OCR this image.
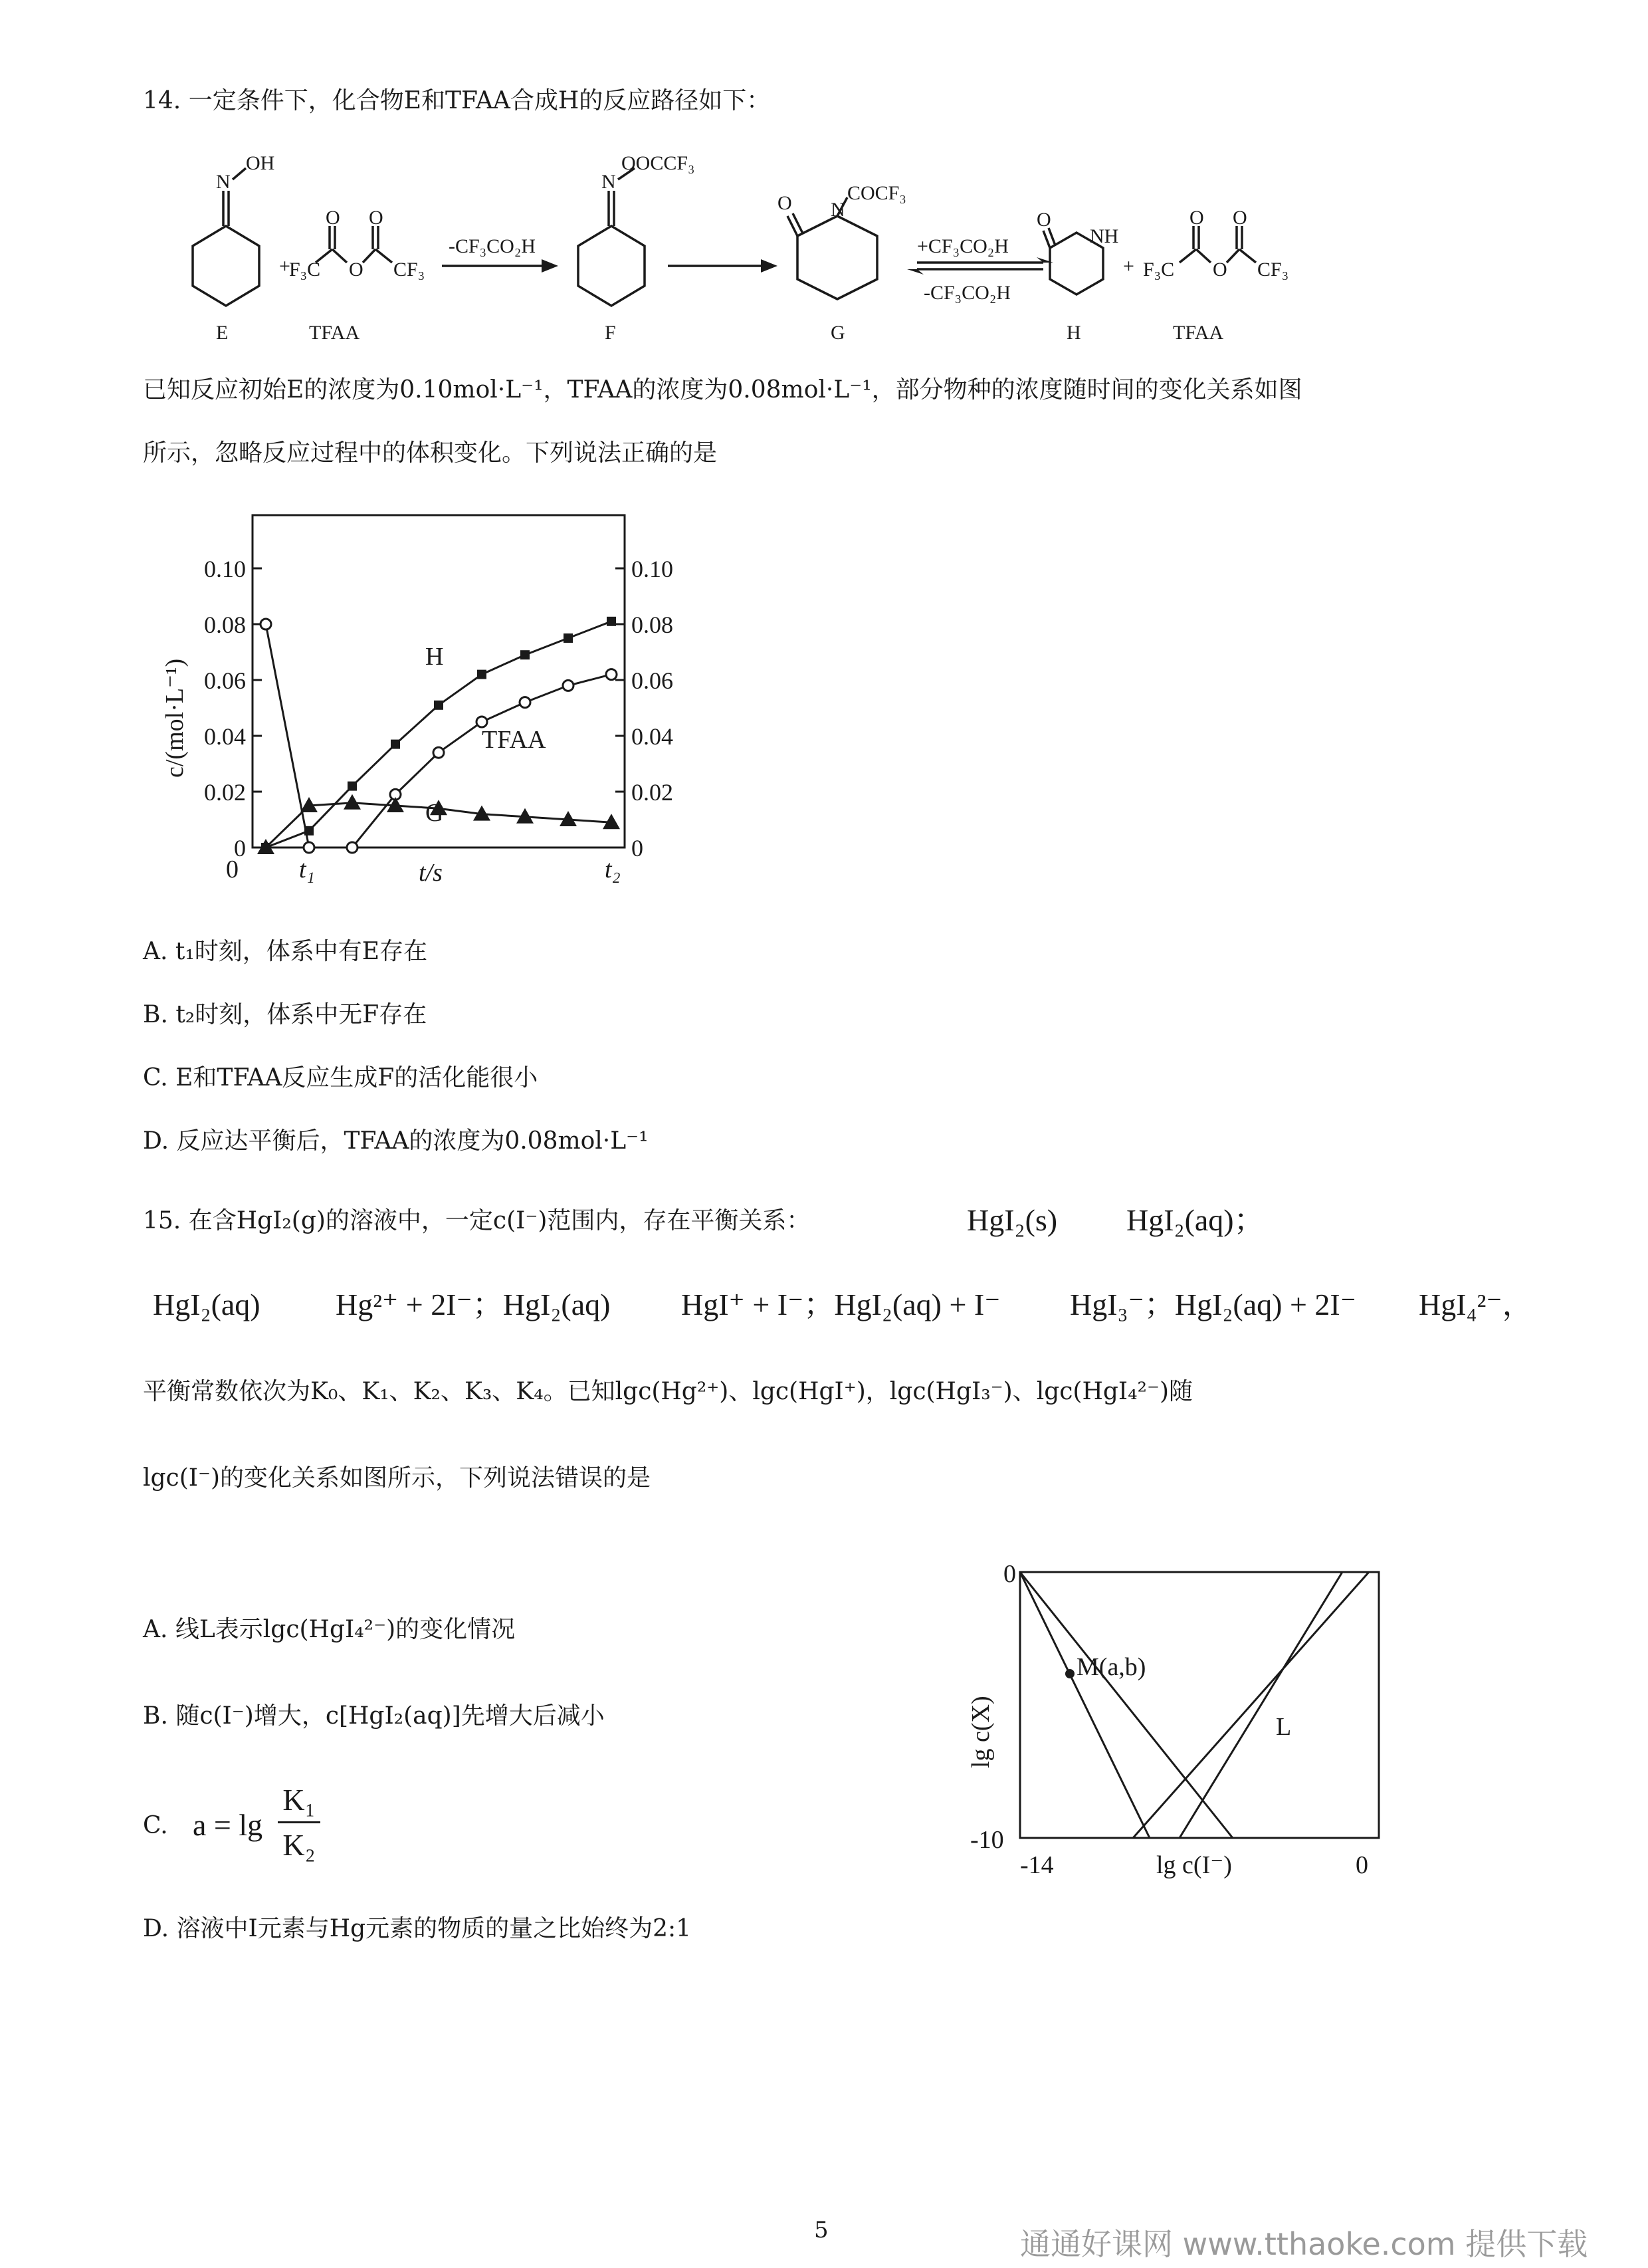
14. 一定条件下，化合物E和TFAA合成H的反应路径如下：
N
OH
E
+
F₃C
O O
O CF₃
TFAA
-CF₃CO₂H
N
OOCCF₃
F
O N
COCF₃
G
+CF₃CO₂H
-CF₃CO₂H
O
NH
H
+ F₃C
O O
O CF₃
TFAA
已知反应初始E的浓度为0.10mol·L⁻¹，TFAA的浓度为0.08mol·L⁻¹，部分物种的浓度随时间的变化关系如图
所示，忽略反应过程中的体积变化。下列说法正确的是
0	0
0.02	0.02
0.04	0.04
0.06	0.06
0.08	0.08
0.10	0.10
0 t₁	t₂
t/s
c/(mol·L⁻¹)
H
TFAA
G
A. t₁时刻，体系中有E存在
B. t₂时刻，体系中无F存在
C. E和TFAA反应生成F的活化能很小
D. 反应达平衡后，TFAA的浓度为0.08mol·L⁻¹
15. 在含HgI₂(g)的溶液中，一定c(I⁻)范围内，存在平衡关系：	HgI₂(s) HgI₂(aq)；
HgI₂(aq) Hg²⁺ + 2I⁻；HgI₂(aq) HgI⁺ + I⁻；HgI₂(aq) + I⁻ HgI₃⁻；HgI₂(aq) + 2I⁻ HgI₄²⁻，
平衡常数依次为K₀、K₁、K₂、K₃、K₄。已知lgc(Hg²⁺)、lgc(HgI⁺)，lgc(HgI₃⁻)、lgc(HgI₄²⁻)随
lgc(I⁻)的变化关系如图所示，下列说法错误的是
A. 线L表示lgc(HgI₄²⁻)的变化情况
B. 随c(I⁻)增大，c[HgI₂(aq)]先增大后减小
C. a = lg
K₁
K₂
D. 溶液中I元素与Hg元素的物质的量之比始终为2:1
0
-10
-14	0
lg c(I⁻)
lg c(X)
M(a,b)
L
5	通通好课网 www.tthaoke.com 提供下载
